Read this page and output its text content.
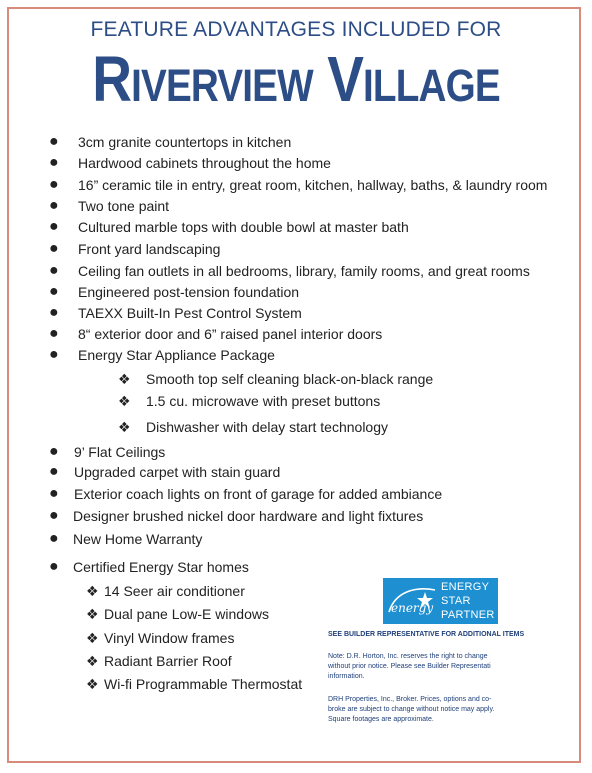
FEATURE ADVANTAGES INCLUDED FOR
Riverview Village
● 3cm granite countertops in kitchen
● Hardwood cabinets throughout the home
● 16” ceramic tile in entry, great room, kitchen, hallway, baths, & laundry room
● Two tone paint
● Cultured marble tops with double bowl at master bath
● Front yard landscaping
● Ceiling fan outlets in all bedrooms, library, family rooms, and great rooms
● Engineered post-tension foundation
● TAEXX Built-In Pest Control System
● 8“ exterior door and 6” raised panel interior doors
● Energy Star Appliance Package
❖ Smooth top self cleaning black-on-black range
❖ 1.5 cu. microwave with preset buttons
❖ Dishwasher with delay start technology
● 9’ Flat Ceilings
● Upgraded carpet with stain guard
● Exterior coach lights on front of garage for added ambiance
● Designer brushed nickel door hardware and light fixtures
● New Home Warranty
● Certified Energy Star homes
❖ 14 Seer air conditioner
❖ Dual pane Low-E windows
❖ Vinyl Window frames
❖ Radiant Barrier Roof
❖ Wi-fi Programmable Thermostat
energy
ENERGY
STAR
PARTNER
SEE BUILDER REPRESENTATIVE FOR ADDITIONAL ITEMS
Note: D.R. Horton, Inc. reserves the right to change without prior notice. Please see Builder Representati information.
DRH Properties, Inc., Broker. Prices, options and co-broke are subject to change without notice may apply. Square footages are approximate.
